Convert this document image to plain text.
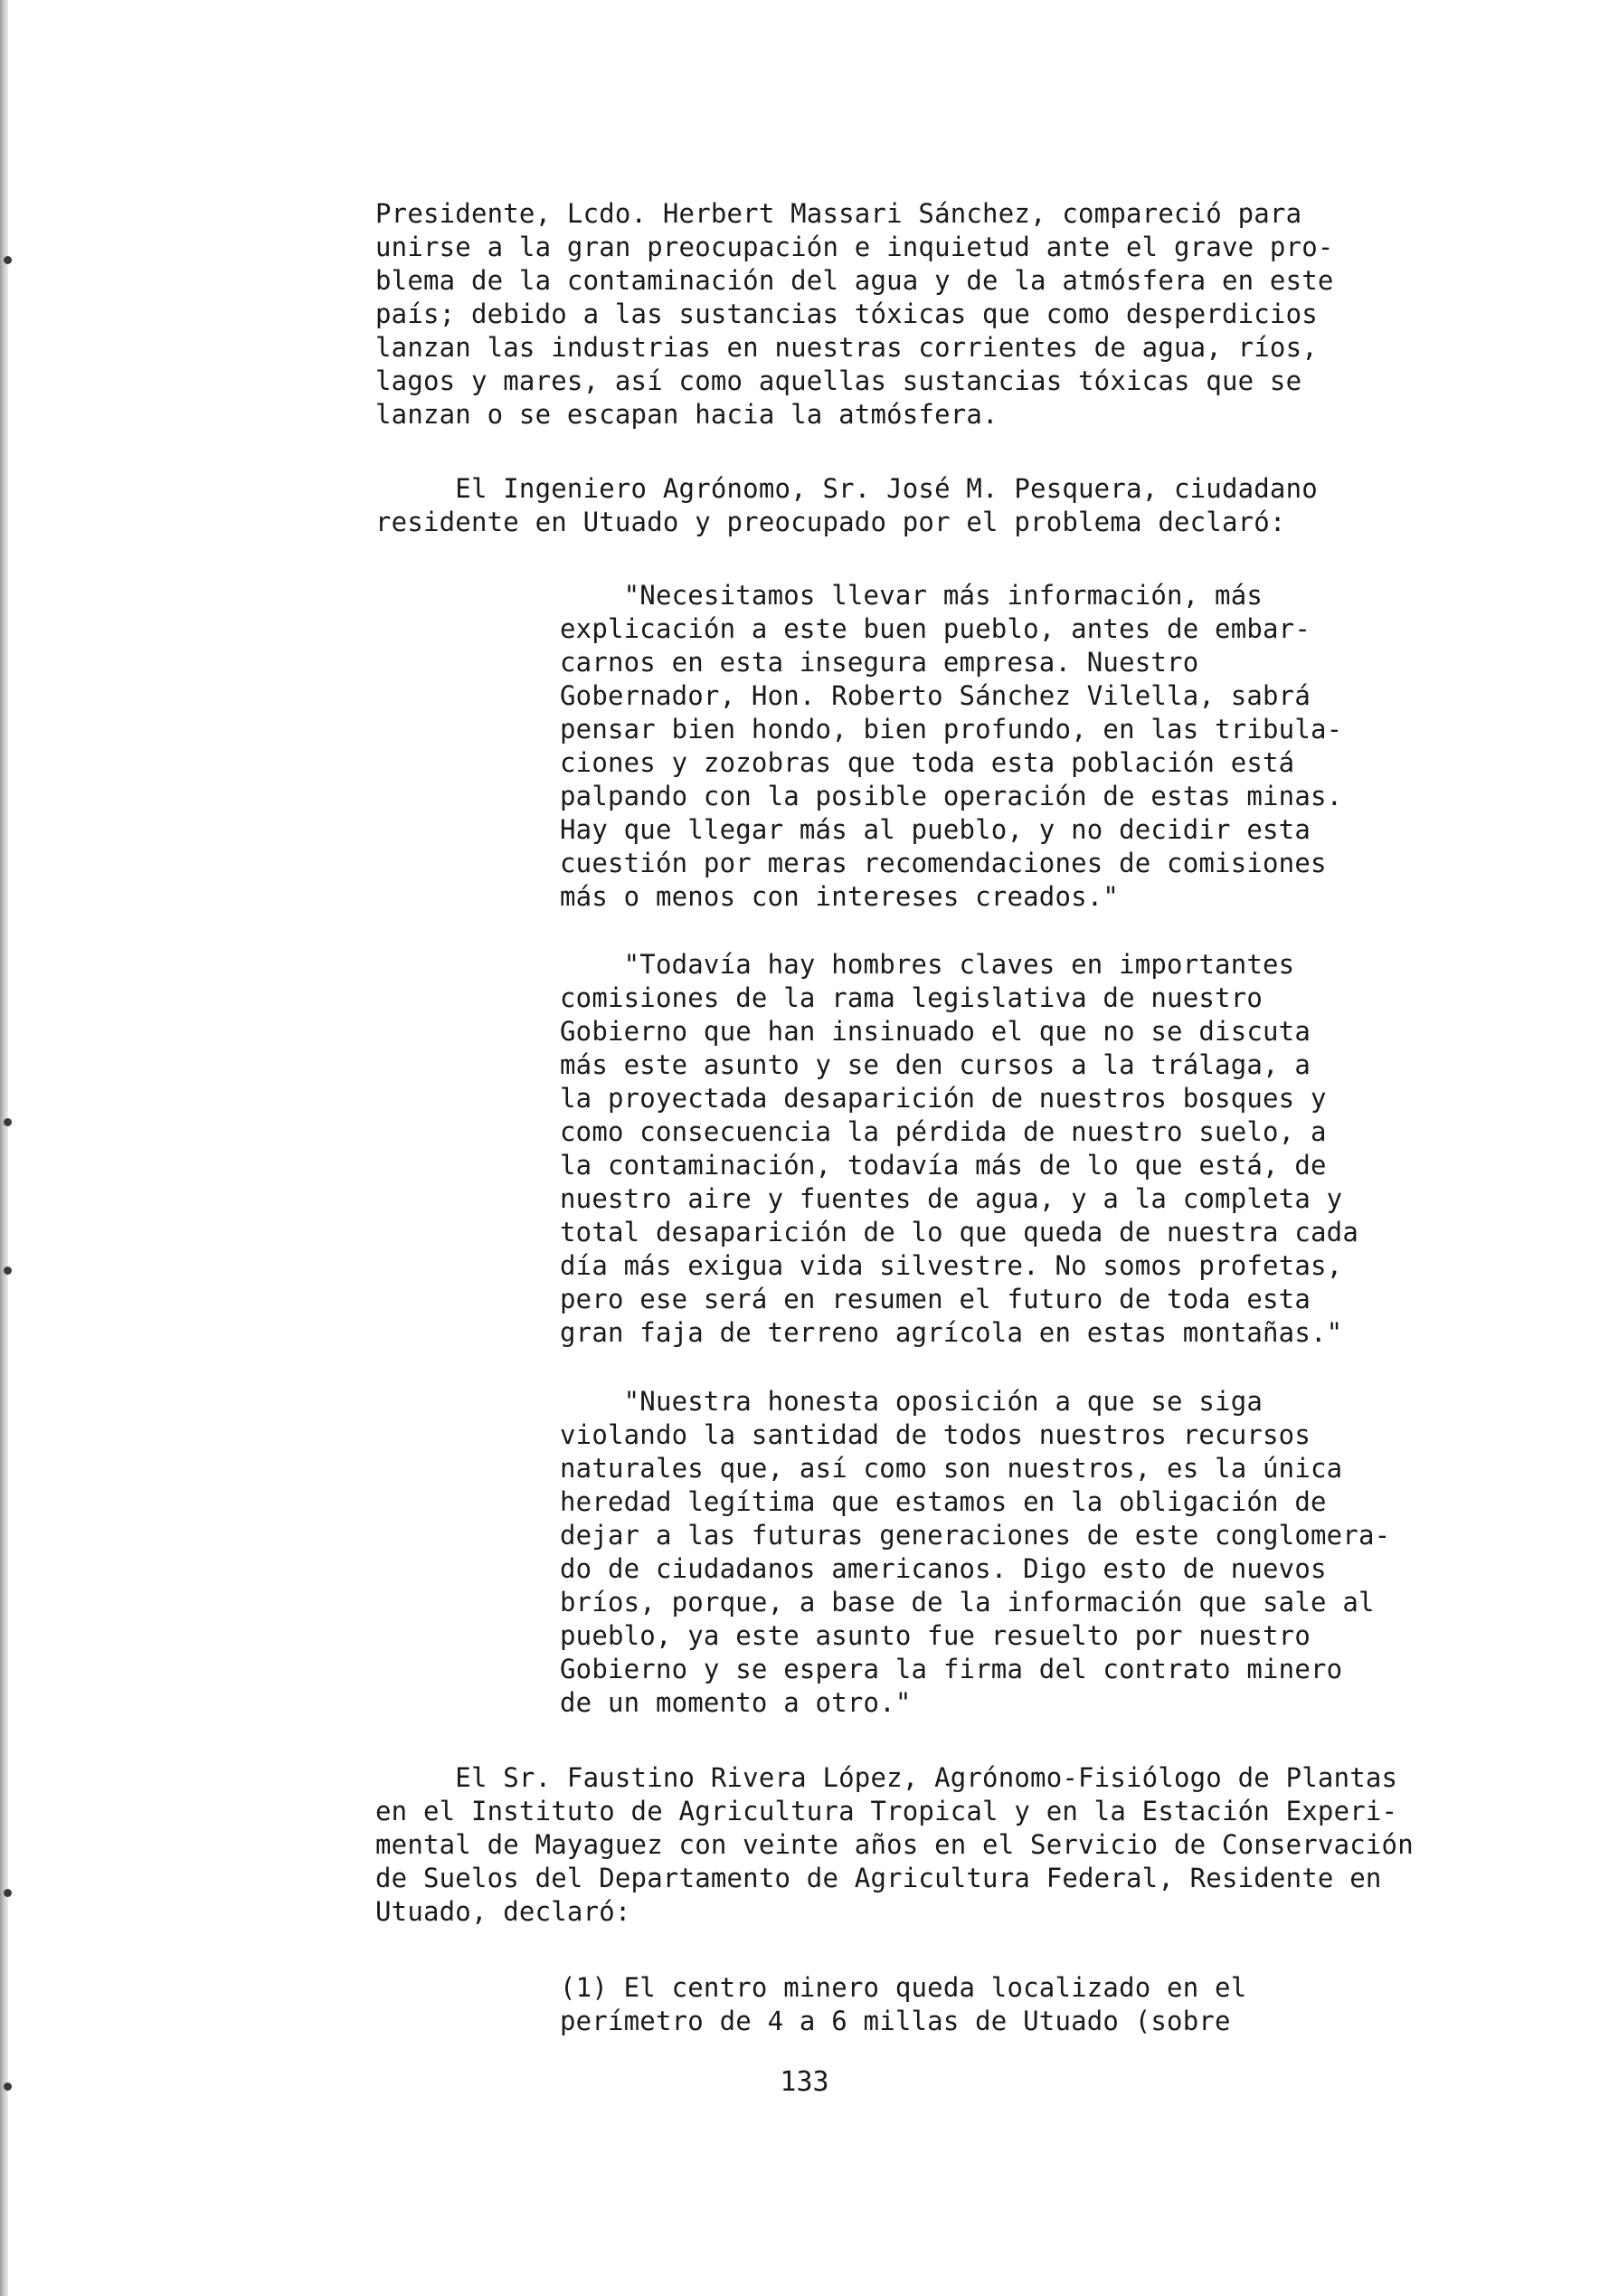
Presidente, Lcdo. Herbert Massari Sánchez, compareció para
unirse a la gran preocupación e inquietud ante el grave pro-
blema de la contaminación del agua y de la atmósfera en este
país; debido a las sustancias tóxicas que como desperdicios
lanzan las industrias en nuestras corrientes de agua, ríos,
lagos y mares, así como aquellas sustancias tóxicas que se
lanzan o se escapan hacia la atmósfera.
El Ingeniero Agrónomo, Sr. José M. Pesquera, ciudadano
residente en Utuado y preocupado por el problema declaró:
"Necesitamos llevar más información, más
explicación a este buen pueblo, antes de embar-
carnos en esta insegura empresa. Nuestro
Gobernador, Hon. Roberto Sánchez Vilella, sabrá
pensar bien hondo, bien profundo, en las tribula-
ciones y zozobras que toda esta población está
palpando con la posible operación de estas minas.
Hay que llegar más al pueblo, y no decidir esta
cuestión por meras recomendaciones de comisiones
más o menos con intereses creados."
"Todavía hay hombres claves en importantes
comisiones de la rama legislativa de nuestro
Gobierno que han insinuado el que no se discuta
más este asunto y se den cursos a la trálaga, a
la proyectada desaparición de nuestros bosques y
como consecuencia la pérdida de nuestro suelo, a
la contaminación, todavía más de lo que está, de
nuestro aire y fuentes de agua, y a la completa y
total desaparición de lo que queda de nuestra cada
día más exigua vida silvestre. No somos profetas,
pero ese será en resumen el futuro de toda esta
gran faja de terreno agrícola en estas montañas."
"Nuestra honesta oposición a que se siga
violando la santidad de todos nuestros recursos
naturales que, así como son nuestros, es la única
heredad legítima que estamos en la obligación de
dejar a las futuras generaciones de este conglomera-
do de ciudadanos americanos. Digo esto de nuevos
bríos, porque, a base de la información que sale al
pueblo, ya este asunto fue resuelto por nuestro
Gobierno y se espera la firma del contrato minero
de un momento a otro."
El Sr. Faustino Rivera López, Agrónomo-Fisiólogo de Plantas
en el Instituto de Agricultura Tropical y en la Estación Experi-
mental de Mayaguez con veinte años en el Servicio de Conservación
de Suelos del Departamento de Agricultura Federal, Residente en
Utuado, declaró:
(1) El centro minero queda localizado en el
perímetro de 4 a 6 millas de Utuado (sobre
133
